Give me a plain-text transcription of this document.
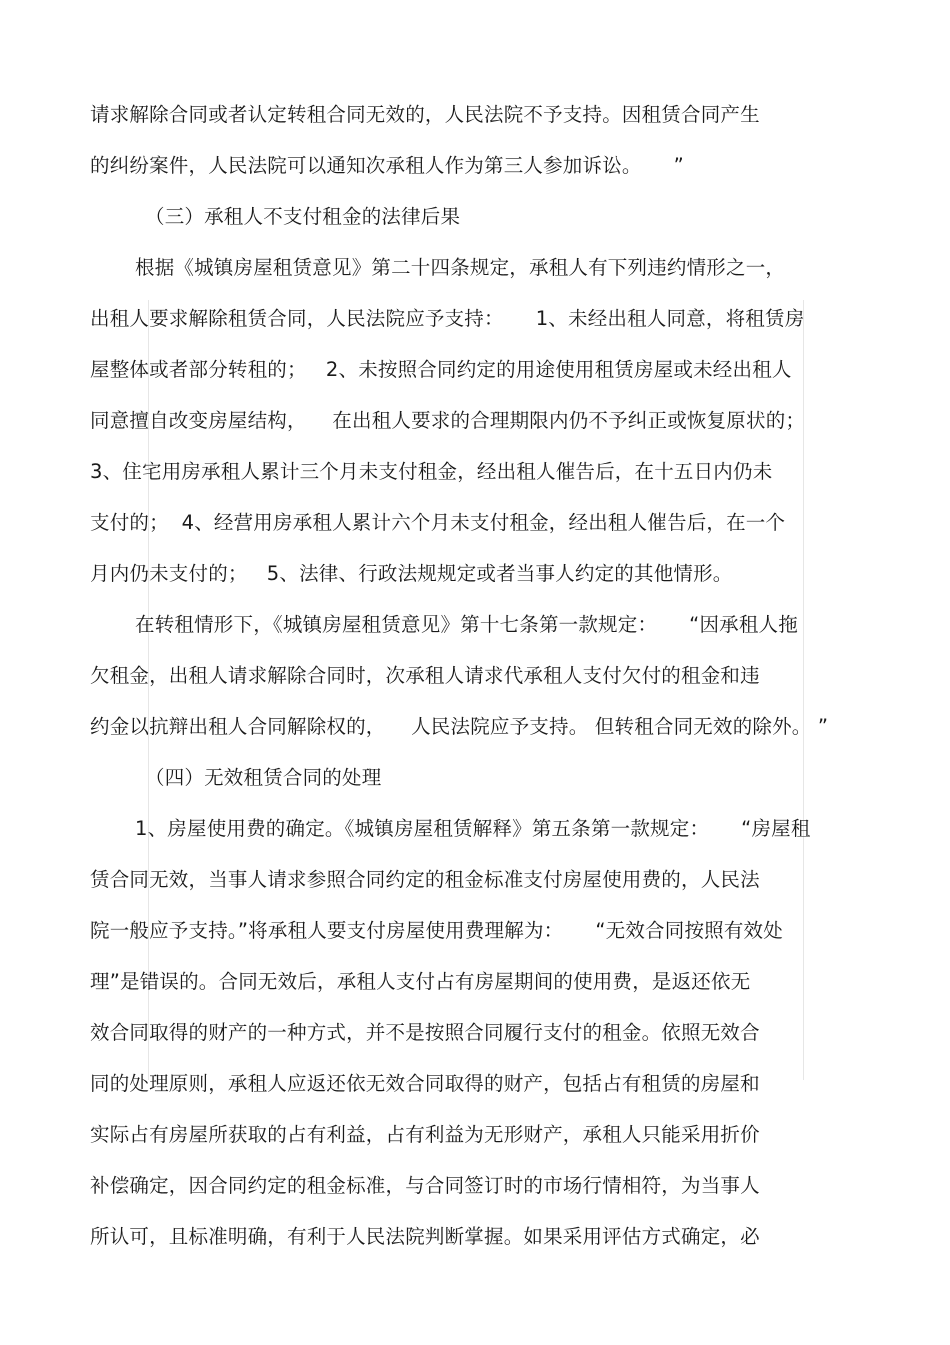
请求解除合同或者认定转租合同无效的，人民法院不予支持。因租赁合同产生
的纠纷案件，人民法院可以通知次承租人作为第三人参加诉讼。     ”
（三）承租人不支付租金的法律后果
根据《城镇房屋租赁意见》第二十四条规定，承租人有下列违约情形之一，
出租人要求解除租赁合同，人民法院应予支持：     1、未经出租人同意，将租赁房
屋整体或者部分转租的；   2、未按照合同约定的用途使用租赁房屋或未经出租人
同意擅自改变房屋结构，    在出租人要求的合理期限内仍不予纠正或恢复原状的；
3、住宅用房承租人累计三个月未支付租金，经出租人催告后，在十五日内仍未
支付的；  4、经营用房承租人累计六个月未支付租金，经出租人催告后，在一个
月内仍未支付的；   5、法律、行政法规规定或者当事人约定的其他情形。
在转租情形下，《城镇房屋租赁意见》第十七条第一款规定：     “因承租人拖
欠租金，出租人请求解除合同时，次承租人请求代承租人支付欠付的租金和违
约金以抗辩出租人合同解除权的，    人民法院应予支持。 但转租合同无效的除外。 ”
（四）无效租赁合同的处理
1、房屋使用费的确定。《城镇房屋租赁解释》第五条第一款规定：     “房屋租
赁合同无效，当事人请求参照合同约定的租金标准支付房屋使用费的，人民法
院一般应予支持。”将承租人要支付房屋使用费理解为：     “无效合同按照有效处
理”是错误的。合同无效后，承租人支付占有房屋期间的使用费，是返还依无
效合同取得的财产的一种方式，并不是按照合同履行支付的租金。依照无效合
同的处理原则，承租人应返还依无效合同取得的财产，包括占有租赁的房屋和
实际占有房屋所获取的占有利益，占有利益为无形财产，承租人只能采用折价
补偿确定，因合同约定的租金标准，与合同签订时的市场行情相符，为当事人
所认可，且标准明确，有利于人民法院判断掌握。如果采用评估方式确定，必
